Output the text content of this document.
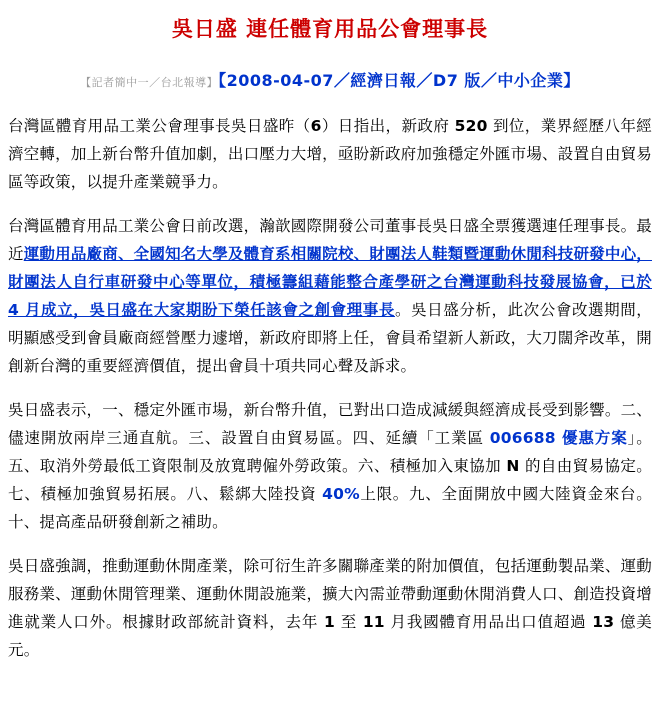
吳日盛 連任體育用品公會理事長
【記者簡中一／台北報導】【2008-04-07／經濟日報／D7 版／中小企業】
台灣區體育用品工業公會理事長吳日盛昨（6）日指出，新政府 520 到位，業界經歷八年經濟空轉，加上新台幣升值加劇，出口壓力大增，亟盼新政府加強穩定外匯市場、設置自由貿易區等政策，以提升產業競爭力。
台灣區體育用品工業公會日前改選，瀚歆國際開發公司董事長吳日盛全票獲選連任理事長。最近運動用品廠商、全國知名大學及體育系相關院校、財團法人鞋類暨運動休閒科技研發中心，財團法人自行車研發中心等單位，積極籌組藉能整合產學研之台灣運動科技發展協會，已於 4 月成立，吳日盛在大家期盼下榮任該會之創會理事長。吳日盛分析，此次公會改選期間，明顯感受到會員廠商經營壓力遽增，新政府即將上任，會員希望新人新政，大刀闊斧改革，開創新台灣的重要經濟價值，提出會員十項共同心聲及訴求。
吳日盛表示，一、穩定外匯市場，新台幣升值，已對出口造成減緩與經濟成長受到影響。二、儘速開放兩岸三通直航。三、設置自由貿易區。四、延續「工業區 006688 優惠方案」。五、取消外勞最低工資限制及放寬聘僱外勞政策。六、積極加入東協加 N 的自由貿易協定。七、積極加強貿易拓展。八、鬆綁大陸投資 40%上限。九、全面開放中國大陸資金來台。十、提高產品研發創新之補助。
吳日盛強調，推動運動休閒產業，除可衍生許多關聯產業的附加價值，包括運動製品業、運動服務業、運動休閒管理業、運動休閒設施業，擴大內需並帶動運動休閒消費人口、創造投資增進就業人口外。根據財政部統計資料，去年 1 至 11 月我國體育用品出口值超過 13 億美元。
